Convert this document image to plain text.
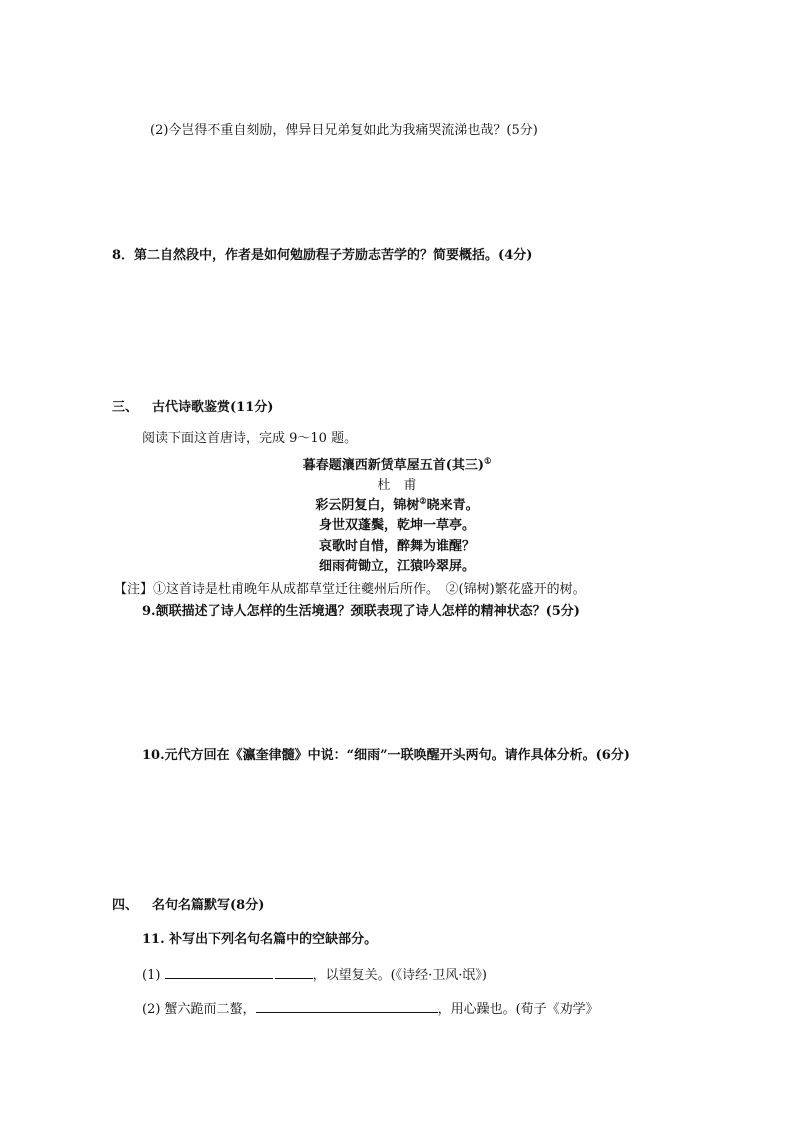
(2)今岂得不重自刻励，俾异日兄弟复如此为我痛哭流涕也哉？(5分)
8．第二自然段中，作者是如何勉励程子芳励志苦学的？简要概括。(4分)
三、 古代诗歌鉴赏(11分)
阅读下面这首唐诗，完成 9～10 题。
暮春题瀼西新赁草屋五首(其三)①
杜　甫
彩云阴复白，锦树②晓来青。
身世双蓬鬓，乾坤一草亭。
哀歌时自惜，醉舞为谁醒？
细雨荷锄立，江猿吟翠屏。
【注】①这首诗是杜甫晚年从成都草堂迁往夔州后所作。　②(锦树)繁花盛开的树。
9.颔联描述了诗人怎样的生活境遇？颈联表现了诗人怎样的精神状态？(5分)
10.元代方回在《瀛奎律髓》中说：“细雨”一联唤醒开头两句。请作具体分析。(6分)
四、 名句名篇默写(8分)
11. 补写出下列名句名篇中的空缺部分。
(1)	，以望复关。(《诗经·卫风·氓》)
(2) 蟹六跪而二螯，	，用心躁也。(荀子《劝学》
